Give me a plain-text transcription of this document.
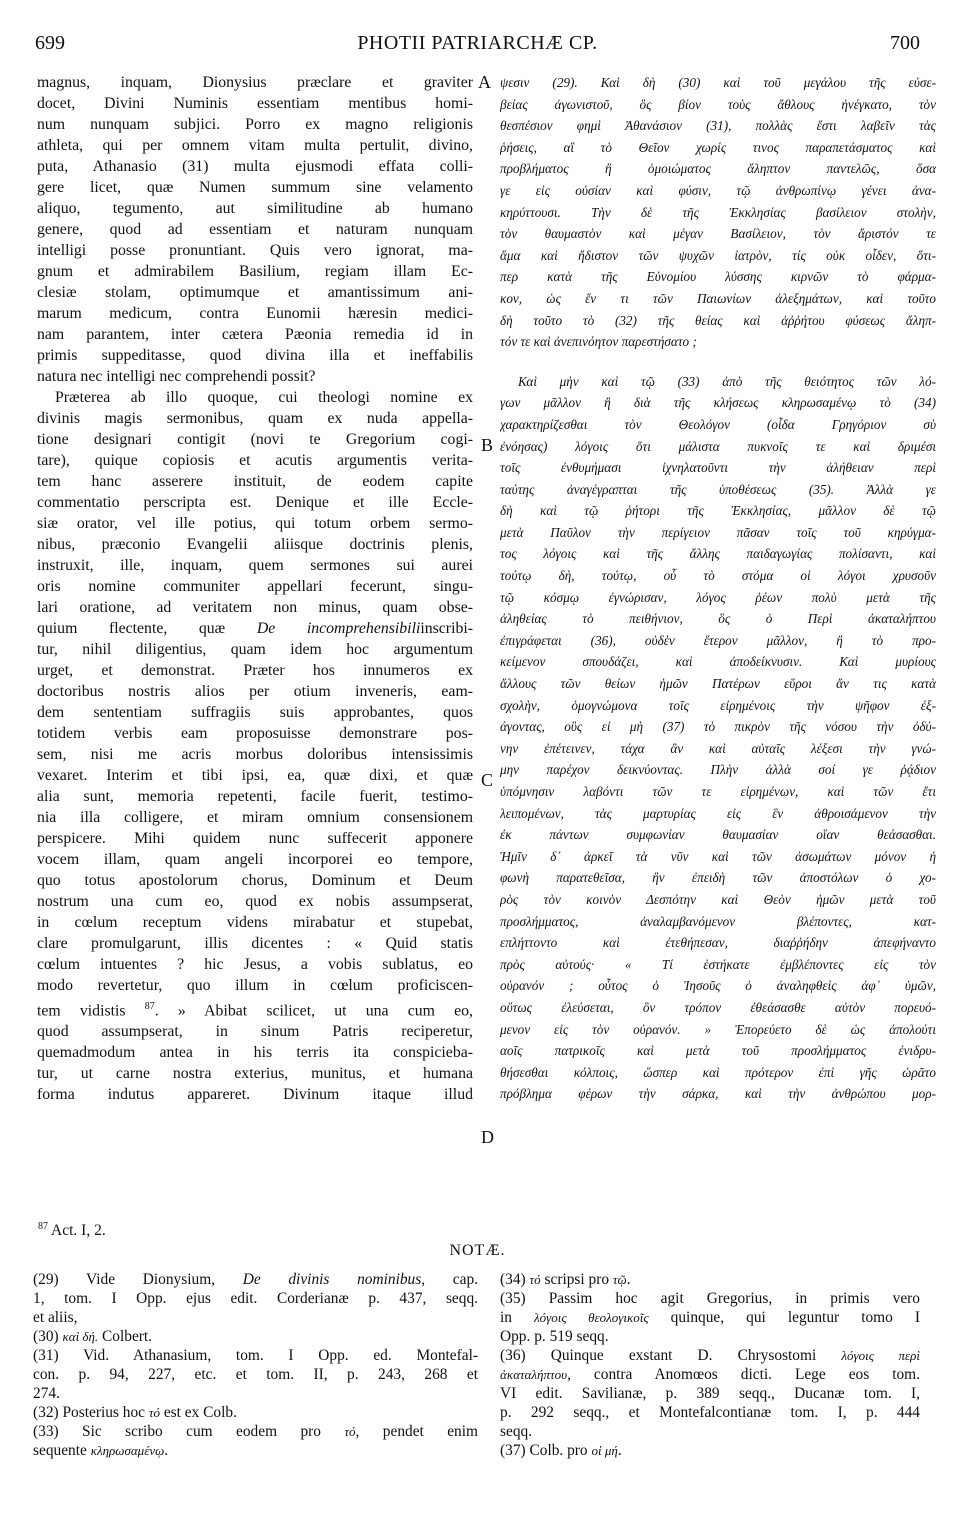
699	PHOTII PATRIARCHÆ CP.	700
magnus, inquam, Dionysius præclare et graviter
docet, Divini Numinis essentiam mentibus homi-
num nunquam subjici. Porro ex magno religionis
athleta, qui per omnem vitam multa pertulit, divino,
puta, Athanasio (31) multa ejusmodi effata colli-
gere licet, quæ Numen summum sine velamento
aliquo, tegumento, aut similitudine ab humano
genere, quod ad essentiam et naturam nunquam
intelligi posse pronuntiant. Quis vero ignorat, ma-
gnum et admirabilem Basilium, regiam illam Ec-
clesiæ stolam, optimumque et amantissimum ani-
marum medicum, contra Eunomii hæresin medici-
nam parantem, inter cætera Pæonia remedia id in
primis suppeditasse, quod divina illa et ineffabilis
natura nec intelligi nec comprehendi possit?
Præterea ab illo quoque, cui theologi nomine ex
divinis magis sermonibus, quam ex nuda appella-
tione designari contigit (novi te Gregorium cogi-
tare), quique copiosis et acutis argumentis verita-
tem hanc asserere instituit, de eodem capite
commentatio perscripta est. Denique et ille Eccle-
siæ orator, vel ille potius, qui totum orbem sermo-
nibus, præconio Evangelii aliisque doctrinis plenis,
instruxit, ille, inquam, quem sermones sui aurei
oris nomine communiter appellari fecerunt, singu-
lari oratione, ad veritatem non minus, quam obse-
quium flectente, quæ De incomprehensibiliinscribi-
tur, nihil diligentius, quam idem hoc argumentum
urget, et demonstrat. Præter hos innumeros ex
doctoribus nostris alios per otium inveneris, eam-
dem sententiam suffragiis suis approbantes, quos
totidem verbis eam proposuisse demonstrare pos-
sem, nisi me acris morbus doloribus intensissimis
vexaret. Interim et tibi ipsi, ea, quæ dixi, et quæ
alia sunt, memoria repetenti, facile fuerit, testimo-
nia illa colligere, et miram omnium consensionem
perspicere. Mihi quidem nunc suffecerit apponere
vocem illam, quam angeli incorporei eo tempore,
quo totus apostolorum chorus, Dominum et Deum
nostrum una cum eo, quod ex nobis assumpserat,
in cœlum receptum videns mirabatur et stupebat,
clare promulgarunt, illis dicentes : « Quid statis
cœlum intuentes ? hic Jesus, a vobis sublatus, eo
modo revertetur, quo illum in cœlum proficiscen-
tem vidistis $^{87}$. » Abibat scilicet, ut una cum eo,
quod assumpserat, in sinum Patris reciperetur,
quemadmodum antea in his terris ita conspicieba-
tur, ut carne nostra exterius, munitus, et humana
forma indutus appareret. Divinum itaque illud
ψεσιν (29). Καὶ δὴ (30) καὶ τοῦ μεγάλου τῆς εὐσε-
βείας ἀγωνιστοῦ, ὃς βίον τοὺς ἄθλους ἠνέγκατο, τὸν
θεσπέσιον φημὶ Ἀθανάσιον (31), πολλὰς ἔστι λαβεῖν τὰς
ῥήσεις, αἳ τὸ Θεῖον χωρίς τινος παραπετάσματος καὶ
προβλήματος ἢ ὁμοιώματος ἄληπτον παντελῶς, ὅσα
γε εἰς οὐσίαν καὶ φύσιν, τῷ ἀνθρωπίνῳ γένει ἀνα-
κηρύττουσι. Τὴν δὲ τῆς Ἐκκλησίας βασίλειον στολὴν,
τὸν θαυμαστὸν καὶ μέγαν Βασίλειον, τὸν ἄριστόν τε
ἅμα καὶ ἥδιστον τῶν ψυχῶν ἰατρὸν, τίς οὐκ οἶδεν, ὅτι-
περ κατὰ τῆς Εὐνομίου λύσσης κιρνῶν τὸ φάρμα-
κον, ὡς ἕν τι τῶν Παιωνίων ἀλεξημάτων, καὶ τοῦτο
δὴ τοῦτο τὸ (32) τῆς θείας καὶ ἀῤῥήτου φύσεως ἄληπ-
τόν τε καὶ ἀνεπινόητον παρεστήσατο ;
Καὶ μὴν καὶ τῷ (33) ἀπὸ τῆς θειότητος τῶν λό-
γων μᾶλλον ἢ διὰ τῆς κλήσεως κληρωσαμένῳ τὸ (34)
χαρακτηρίζεσθαι τὸν Θεολόγον (οἶδα Γρηγόριον σὺ
ἐνόησας) λόγοις ὅτι μάλιστα πυκνοῖς τε καὶ δριμέσι
τοῖς ἐνθυμήμασι ἰχνηλατοῦντι τὴν ἀλήθειαν περὶ
ταύτης ἀναγέγραπται τῆς ὑποθέσεως (35). Ἀλλὰ γε
δὴ καὶ τῷ ῥήτορι τῆς Ἐκκλησίας, μᾶλλον δὲ τῷ
μετὰ Παῦλον τὴν περίγειον πᾶσαν τοῖς τοῦ κηρύγμα-
τος λόγοις καὶ τῆς ἄλλης παιδαγωγίας πολίσαντι, καὶ
τούτῳ δὴ, τούτῳ, οὗ τὸ στόμα οἱ λόγοι χρυσοῦν
τῷ κόσμῳ ἐγνώρισαν, λόγος ῥέων πολὺ μετὰ τῆς
ἀληθείας τὸ πειθήνιον, ὃς ὁ Περὶ ἀκαταλήπτου
ἐπιγράφεται (36), οὐδὲν ἕτερον μᾶλλον, ἢ τὸ προ-
κείμενον σπουδάζει, καὶ ἀποδείκνυσιν. Καὶ μυρίους
ἄλλους τῶν θείων ἡμῶν Πατέρων εὕροι ἄν τις κατὰ
σχολὴν, ὁμογνώμονα τοῖς εἰρημένοις τὴν ψῆφον ἐξ-
άγοντας, οὓς εἰ μὴ (37) τὸ πικρὸν τῆς νόσου τὴν ὀδύ-
νην ἐπέτεινεν, τάχα ἂν καὶ αὐταῖς λέξεσι τὴν γνώ-
μην παρέχον δεικνύοντας. Πλὴν ἀλλὰ σοί γε ῥᾴδιον
ὑπόμνησιν λαβόντι τῶν τε εἰρημένων, καὶ τῶν ἔτι
λειπομένων, τὰς μαρτυρίας εἰς ἓν ἀθροισάμενον τὴν
ἐκ πάντων συμφωνίαν θαυμασίαν οἵαν θεάσασθαι.
Ἡμῖν δ᾽ ἀρκεῖ τὰ νῦν καὶ τῶν ἀσωμάτων μόνον ἡ
φωνὴ παρατεθεῖσα, ἣν ἐπειδὴ τῶν ἀποστόλων ὁ χο-
ρὸς τὸν κοινὸν Δεσπότην καὶ Θεὸν ἡμῶν μετὰ τοῦ
προσλήμματος, ἀναλαμβανόμενον βλέποντες, κατ-
επλήττοντο καὶ ἐτεθήπεσαν, διαῤῥήδην ἀπεφήναντο
πρὸς αὐτούς· « Τί ἑστήκατε ἐμβλέποντες εἰς τὸν
οὐρανόν ; οὗτος ὁ Ἰησοῦς ὁ ἀναληφθεὶς ἀφ᾽ ὑμῶν,
οὕτως ἐλεύσεται, ὃν τρόπον ἐθεάσασθε αὐτὸν πορευό-
μενον εἰς τὸν οὐρανόν. » Ἐπορεύετο δὲ ὡς ἀπολούτι
αοῖς πατρικοῖς καὶ μετὰ τοῦ προσλήμματος ἐνιδρυ-
θήσεσθαι κόλποις, ὥσπερ καὶ πρότερον ἐπὶ γῆς ὡρᾶτο
πρόβλημα φέρων τὴν σάρκα, καὶ τὴν ἀνθρώπου μορ-
A
B
C
D
$^{87}$ Act. I, 2.
NOTÆ.
(29) Vide Dionysium, De divinis nominibus, cap.
1, tom. I Opp. ejus edit. Corderianæ p. 437, seqq.
et aliis,
(30) καὶ δή. Colbert.
(31) Vid. Athanasium, tom. I Opp. ed. Montefal-
con. p. 94, 227, etc. et tom. II, p. 243, 268 et
274.
(32) Posterius hoc τό est ex Colb.
(33) Sic scribo cum eodem pro τό, pendet enim
sequente κληρωσαμένῳ.
(34) τό scripsi pro τῷ.
(35) Passim hoc agit Gregorius, in primis vero
in λόγοις θεολογικοῖς quinque, qui leguntur tomo I
Opp. p. 519 seqq.
(36) Quinque exstant D. Chrysostomi λόγοις περὶ
ἀκαταλήπτου, contra Anomœos dicti. Lege eos tom.
VI edit. Savilianæ, p. 389 seqq., Ducanæ tom. I,
p. 292 seqq., et Montefalcontianæ tom. I, p. 444
seqq.
(37) Colb. pro οἱ μή.
